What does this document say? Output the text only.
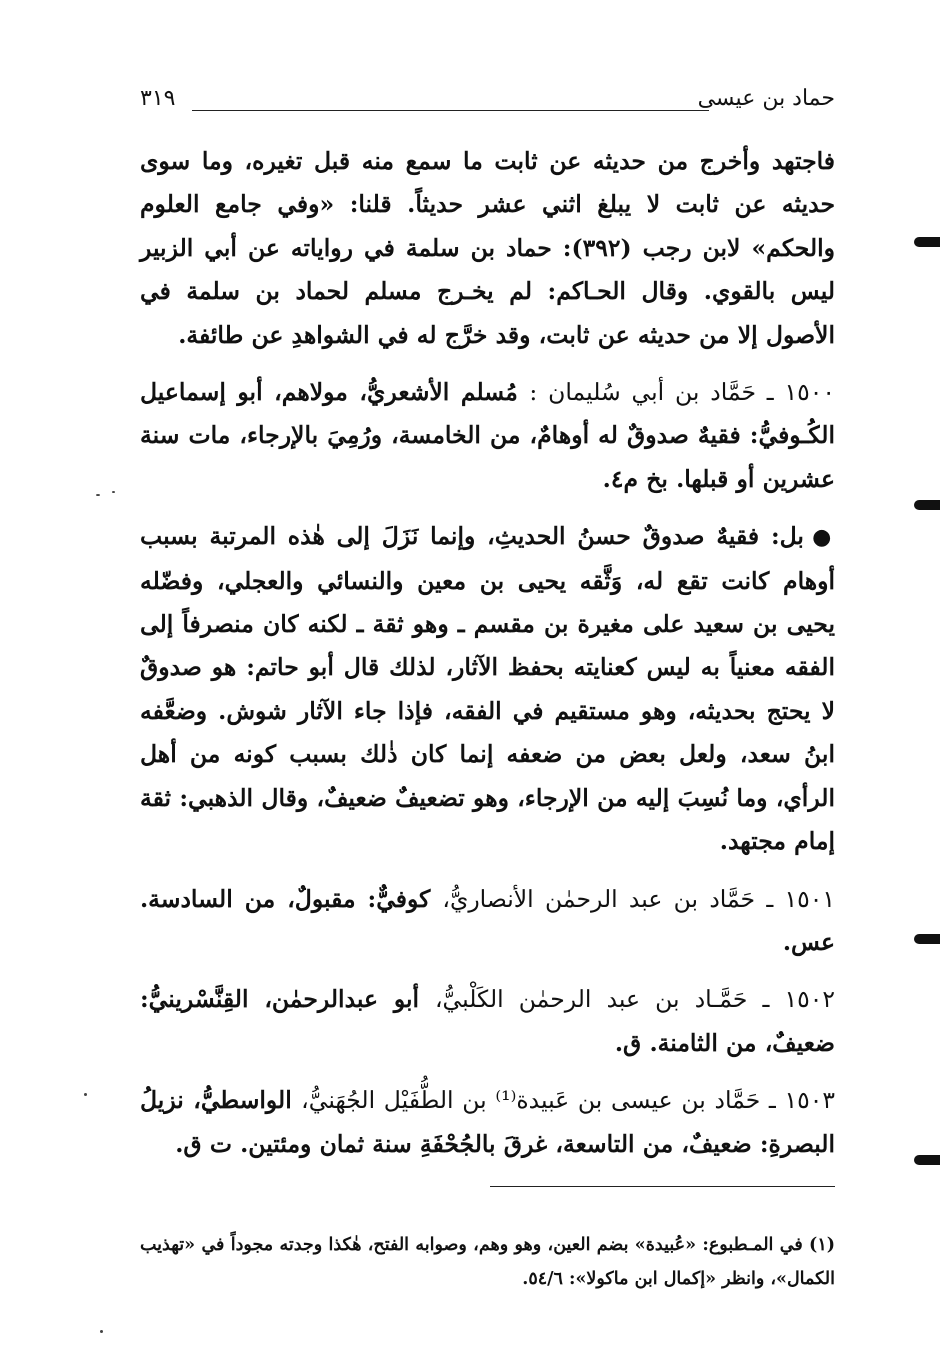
حماد بن عيسى
٣١٩

فاجتهد وأخرج من حديثه عن ثابت ما سمع منه قبل تغيره، وما سوى حديثه عن ثابت لا يبلغ اثني عشر حديثاً. قلنا: «وفي جامع العلوم والحكم» لابن رجب (٣٩٢): حماد بن سلمة في رواياته عن أبي الزبير ليس بالقوي. وقال الحـاكم: لم يخـرج مسلم لحماد بن سلمة في الأصول إلا من حديثه عن ثابت، وقد خرَّج له في الشواهدِ عن طائفة.

١٥٠٠ ـ حَمَّاد بن أبي سُليمان : مُسلم الأشعريُّ، مولاهم، أبو إسماعيل الكُـوفيُّ: فقيهٌ صدوقٌ له أوهامٌ، من الخامسة، ورُمِيَ بالإرجاء، مات سنة عشرين أو قبلها. بخ م٤.

● بل: فقيهٌ صدوقٌ حسنُ الحديثِ، وإنما نَزَلَ إلى هٰذه المرتبة بسبب أوهام كانت تقع له، وَثَّقه يحيى بن معين والنسائي والعجلي، وفضّله يحيى بن سعيد على مغيرة بن مقسم ـ وهو ثقة ـ لكنه كان منصرفاً إلى الفقه معنياً به ليس كعنايته بحفظ الآثار، لذلك قال أبو حاتم: هو صدوقٌ لا يحتج بحديثه، وهو مستقيم في الفقه، فإذا جاء الآثار شوش. وضعَّفه ابنُ سعد، ولعل بعض من ضعفه إنما كان ذٰلك بسبب كونه من أهل الرأي، وما نُسِبَ إليه من الإرجاء، وهو تضعيفٌ ضعيفٌ، وقال الذهبي: ثقة إمام مجتهد.

١٥٠١ ـ حَمَّاد بن عبد الرحمٰن الأنصاريُّ، كوفيٌّ: مقبولٌ، من السادسة. عس.

١٥٠٢ ـ حَمَّـاد بن عبد الرحمٰن الكَلْبيُّ، أبو عبدالرحمٰن، القِنَّسْرينيُّ: ضعيفٌ، من الثامنة. ق.

١٥٠٣ ـ حَمَّاد بن عيسى بن عَبيدة⁽¹⁾ بن الطُّفَيْل الجُهَنيُّ، الواسطيُّ، نزيلُ البصرةِ: ضعيفٌ، من التاسعة، غرقَ بالجُحْفَةِ سنة ثمان ومئتين. ت ق.

(١) في المـطبوع: «عُبيدة» بضم العين، وهو وهم، وصوابه الفتح، هٰكذا وجدته مجوداً في «تهذيب الكمال»، وانظر «إكمال ابن ماكولا»: ٥٤/٦.
